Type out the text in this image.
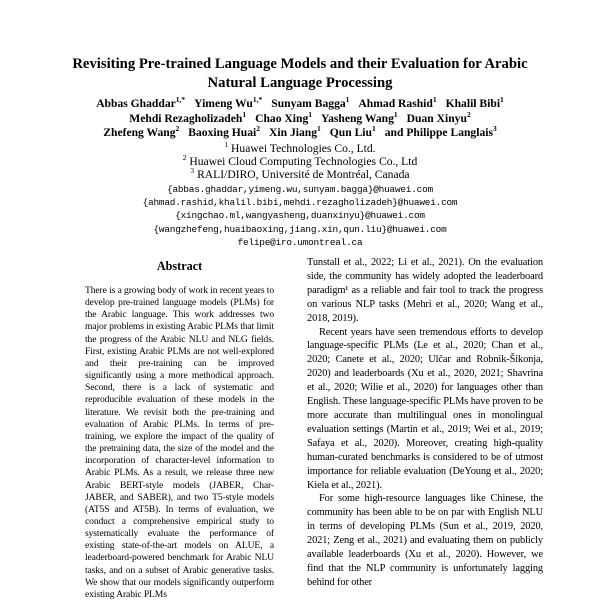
Revisiting Pre-trained Language Models and their Evaluation for Arabic
Natural Language Processing
Abbas Ghaddar$^{1,*}$ Yimeng $Wu^{1,*}$ Sunyam Bagga$^1$ Ahmad Rashid$^1$ Khalil Bibi$^1$
Mehdi Rezagholizadeh$^1$ Chao Xing$^1$ Yasheng Wang$^1$ Duan Xinyu$^2$
Zhefeng Wang$^2$ Baoxing Huai$^2$ Xin Jiang$^1$ Qun Liu$^1$ and Philippe Langlais$^3$
$^1$ Huawei Technologies Co., Ltd.
$^2$ Huawei Cloud Computing Technologies Co., Ltd
$^3$ RALI/DIRO, Université de Montréal, Canada
{abbas.ghaddar,yimeng.wu,sunyam.bagga}@huawei.com
{ahmad.rashid,khalil.bibi,mehdi.rezagholizadeh}@huawei.com
{xingchao.ml,wangyasheng,duanxinyu}@huawei.com
{wangzhefeng,huaibaoxing,jiang.xin,qun.liu}@huawei.com
felipe@iro.umontreal.ca
Abstract
There is a growing body of work in recent years to develop pre-trained language models (PLMs) for the Arabic language. This work addresses two major problems in existing Arabic PLMs that limit the progress of the Arabic NLU and NLG fields. First, existing Arabic PLMs are not well-explored and their pre-training can be improved significantly using a more methodical approach. Second, there is a lack of systematic and reproducible evaluation of these models in the literature. We revisit both the pre-training and evaluation of Arabic PLMs. In terms of pre-training, we explore the impact of the quality of the pretraining data, the size of the model and the incorporation of character-level information to Arabic PLMs. As a result, we release three new Arabic BERT-style models (JABER, Char-JABER, and SABER), and two T5-style models (AT5S and AT5B). In terms of evaluation, we conduct a comprehensive empirical study to systematically evaluate the performance of existing state-of-the-art models on ALUE, a leaderboard-powered benchmark for Arabic NLU tasks, and on a subset of Arabic generative tasks. We show that our models significantly outperform existing Arabic PLMs

Tunstall et al., 2022; Li et al., 2021). On the evaluation side, the community has widely adopted the leaderboard paradigm¹ as a reliable and fair tool to track the progress on various NLP tasks (Mehri et al., 2020; Wang et al., 2018, 2019).

Recent years have seen tremendous efforts to develop language-specific PLMs (Le et al., 2020; Chan et al., 2020; Canete et al., 2020; Ulčar and Robnik-Šikonja, 2020) and leaderboards (Xu et al., 2020, 2021; Shavrina et al., 2020; Wilie et al., 2020) for languages other than English. These language-specific PLMs have proven to be more accurate than multilingual ones in monolingual evaluation settings (Martin et al., 2019; Wei et al., 2019; Safaya et al., 2020). Moreover, creating high-quality human-curated benchmarks is considered to be of utmost importance for reliable evaluation (DeYoung et al., 2020; Kiela et al., 2021).

For some high-resource languages like Chinese, the community has been able to be on par with English NLU in terms of developing PLMs (Sun et al., 2019, 2020, 2021; Zeng et al., 2021) and evaluating them on publicly available leaderboards (Xu et al., 2020). However, we find that the NLP community is unfortunately lagging behind for other
